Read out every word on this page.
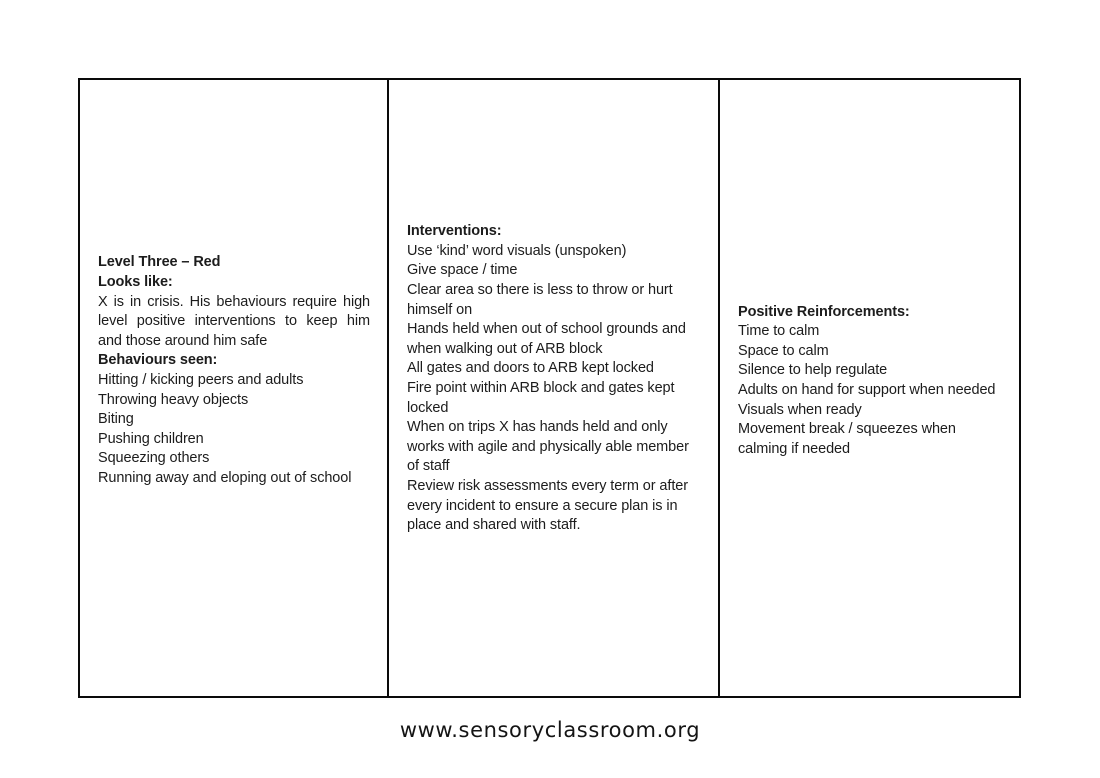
Level Three – Red
Looks like:
X is in crisis. His behaviours require high level positive interventions to keep him and those around him safe
Behaviours seen:
Hitting / kicking peers and adults
Throwing heavy objects
Biting
Pushing children
Squeezing others
Running away and eloping out of school
Interventions:
Use ‘kind’ word visuals (unspoken)
Give space / time
Clear area so there is less to throw or hurt himself on
Hands held when out of school grounds and when walking out of ARB block
All gates and doors to ARB kept locked
Fire point within ARB block and gates kept locked
When on trips X has hands held and only works with agile and physically able member of staff
Review risk assessments every term or after every incident to ensure a secure plan is in place and shared with staff.
Positive Reinforcements:
Time to calm
Space to calm
Silence to help regulate
Adults on hand for support when needed
Visuals when ready
Movement break / squeezes when calming if needed
www.sensoryclassroom.org
